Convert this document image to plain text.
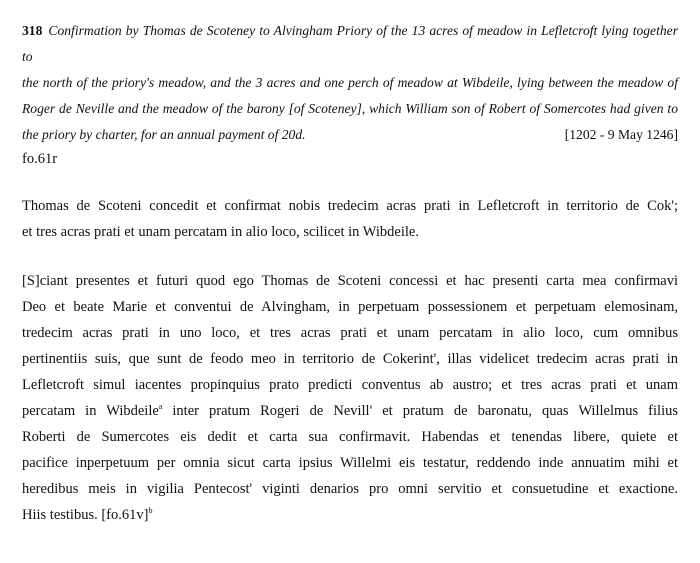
318 Confirmation by Thomas de Scoteney to Alvingham Priory of the 13 acres of meadow in Lefletcroft lying together to

the north of the priory's meadow, and the 3 acres and one perch of meadow at Wibdeile, lying between the meadow of

Roger de Neville and the meadow of the barony [of Scoteney], which William son of Robert of Somercotes had given to

the priory by charter, for an annual payment of 20d.	[1202 - 9 May 1246]

fo.61r

Thomas de Scoteni concedit et confirmat nobis tredecim acras prati in Lefletcroft in territorio de Cok';
et tres acras prati et unam percatam in alio loco, scilicet in Wibdeile.
[S]ciant presentes et futuri quod ego Thomas de Scoteni concessi et hac presenti carta mea confirmavi
Deo et beate Marie et conventui de Alvingham, in perpetuam possessionem et perpetuam elemosinam,
tredecim acras prati in uno loco, et tres acras prati et unam percatam in alio loco, cum omnibus
pertinentiis suis, que sunt de feodo meo in territorio de Cokerint', illas videlicet tredecim acras prati in
Lefletcroft simul iacentes propinquius prato predicti conventus ab austro; et tres acras prati et unam
percatam in Wibdeile$^a$ inter pratum Rogeri de Nevill' et pratum de baronatu, quas Willelmus filius
Roberti de Sumercotes eis dedit et carta sua confirmavit. Habendas et tenendas libere, quiete et
pacifice inperpetuum per omnia sicut carta ipsius Willelmi eis testatur, reddendo inde annuatim mihi et
heredibus meis in vigilia Pentecost' viginti denarios pro omni servitio et consuetudine et exactione.
Hiis testibus. $[fo.61v]^b$
